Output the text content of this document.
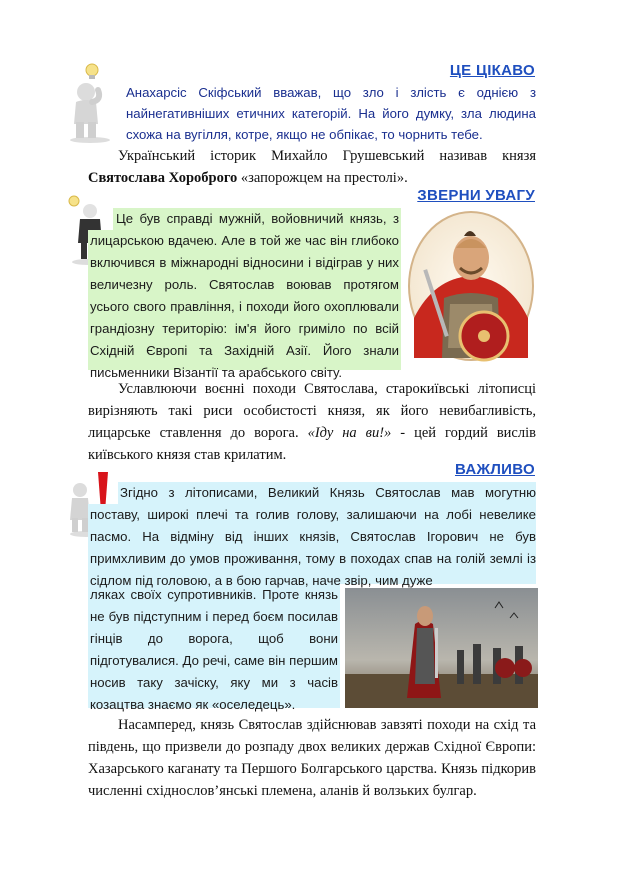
ЦЕ ЦІКАВО
Анахарсіс Скіфський вважав, що зло і злість є однією з найнегативніших етичних категорій. На його думку, зла людина схожа на вугілля, котре, якщо не обпікає, то чорнить тебе.
Український історик Михайло Грушевський називав князя Святослава Хороброго «запорожцем на престолі».
ЗВЕРНИ УВАГУ
Це був справді мужній, войовничий князь, з лицарською вдачею. Але в той же час він глибоко включився в міжнародні відносини і відіграв у них величезну роль. Святослав воював протягом усього свого правління, і походи його охоплювали грандіозну територію: ім'я його гриміло по всій Східній Європі та Західній Азії. Його знали письменники Візантії та арабського світу.
Уславлюючи воєнні походи Святослава, старокиївські літописці вирізняють такі риси особистості князя, як його невибагливість, лицарське ставлення до ворога. «Іду на ви!» - цей гордий вислів київського князя став крилатим.
ВАЖЛИВО
Згідно з літописами, Великий Князь Святослав мав могутню поставу, широкі плечі та голив голову, залишаючи на лобі невелике пасмо. На відміну від інших князів, Святослав Ігорович не був примхливим до умов проживання, тому в походах спав на голій землі із сідлом під головою, а в бою гарчав, наче звір, чим дуже
ляках своїх супротивників. Проте князь не був підступним і перед боєм посилав гінців до ворога, щоб вони підготувалися. До речі, саме він першим носив таку зачіску, яку ми з часів козацтва знаємо як «оселедець».
Насамперед, князь Святослав здійснював завзяті походи на схід та південь, що призвели до розпаду двох великих держав Східної Європи: Хазарського каганату та Першого Болгарського царства. Князь підкорив численні східнослов’янські племена, аланів й волзьких булгар.
